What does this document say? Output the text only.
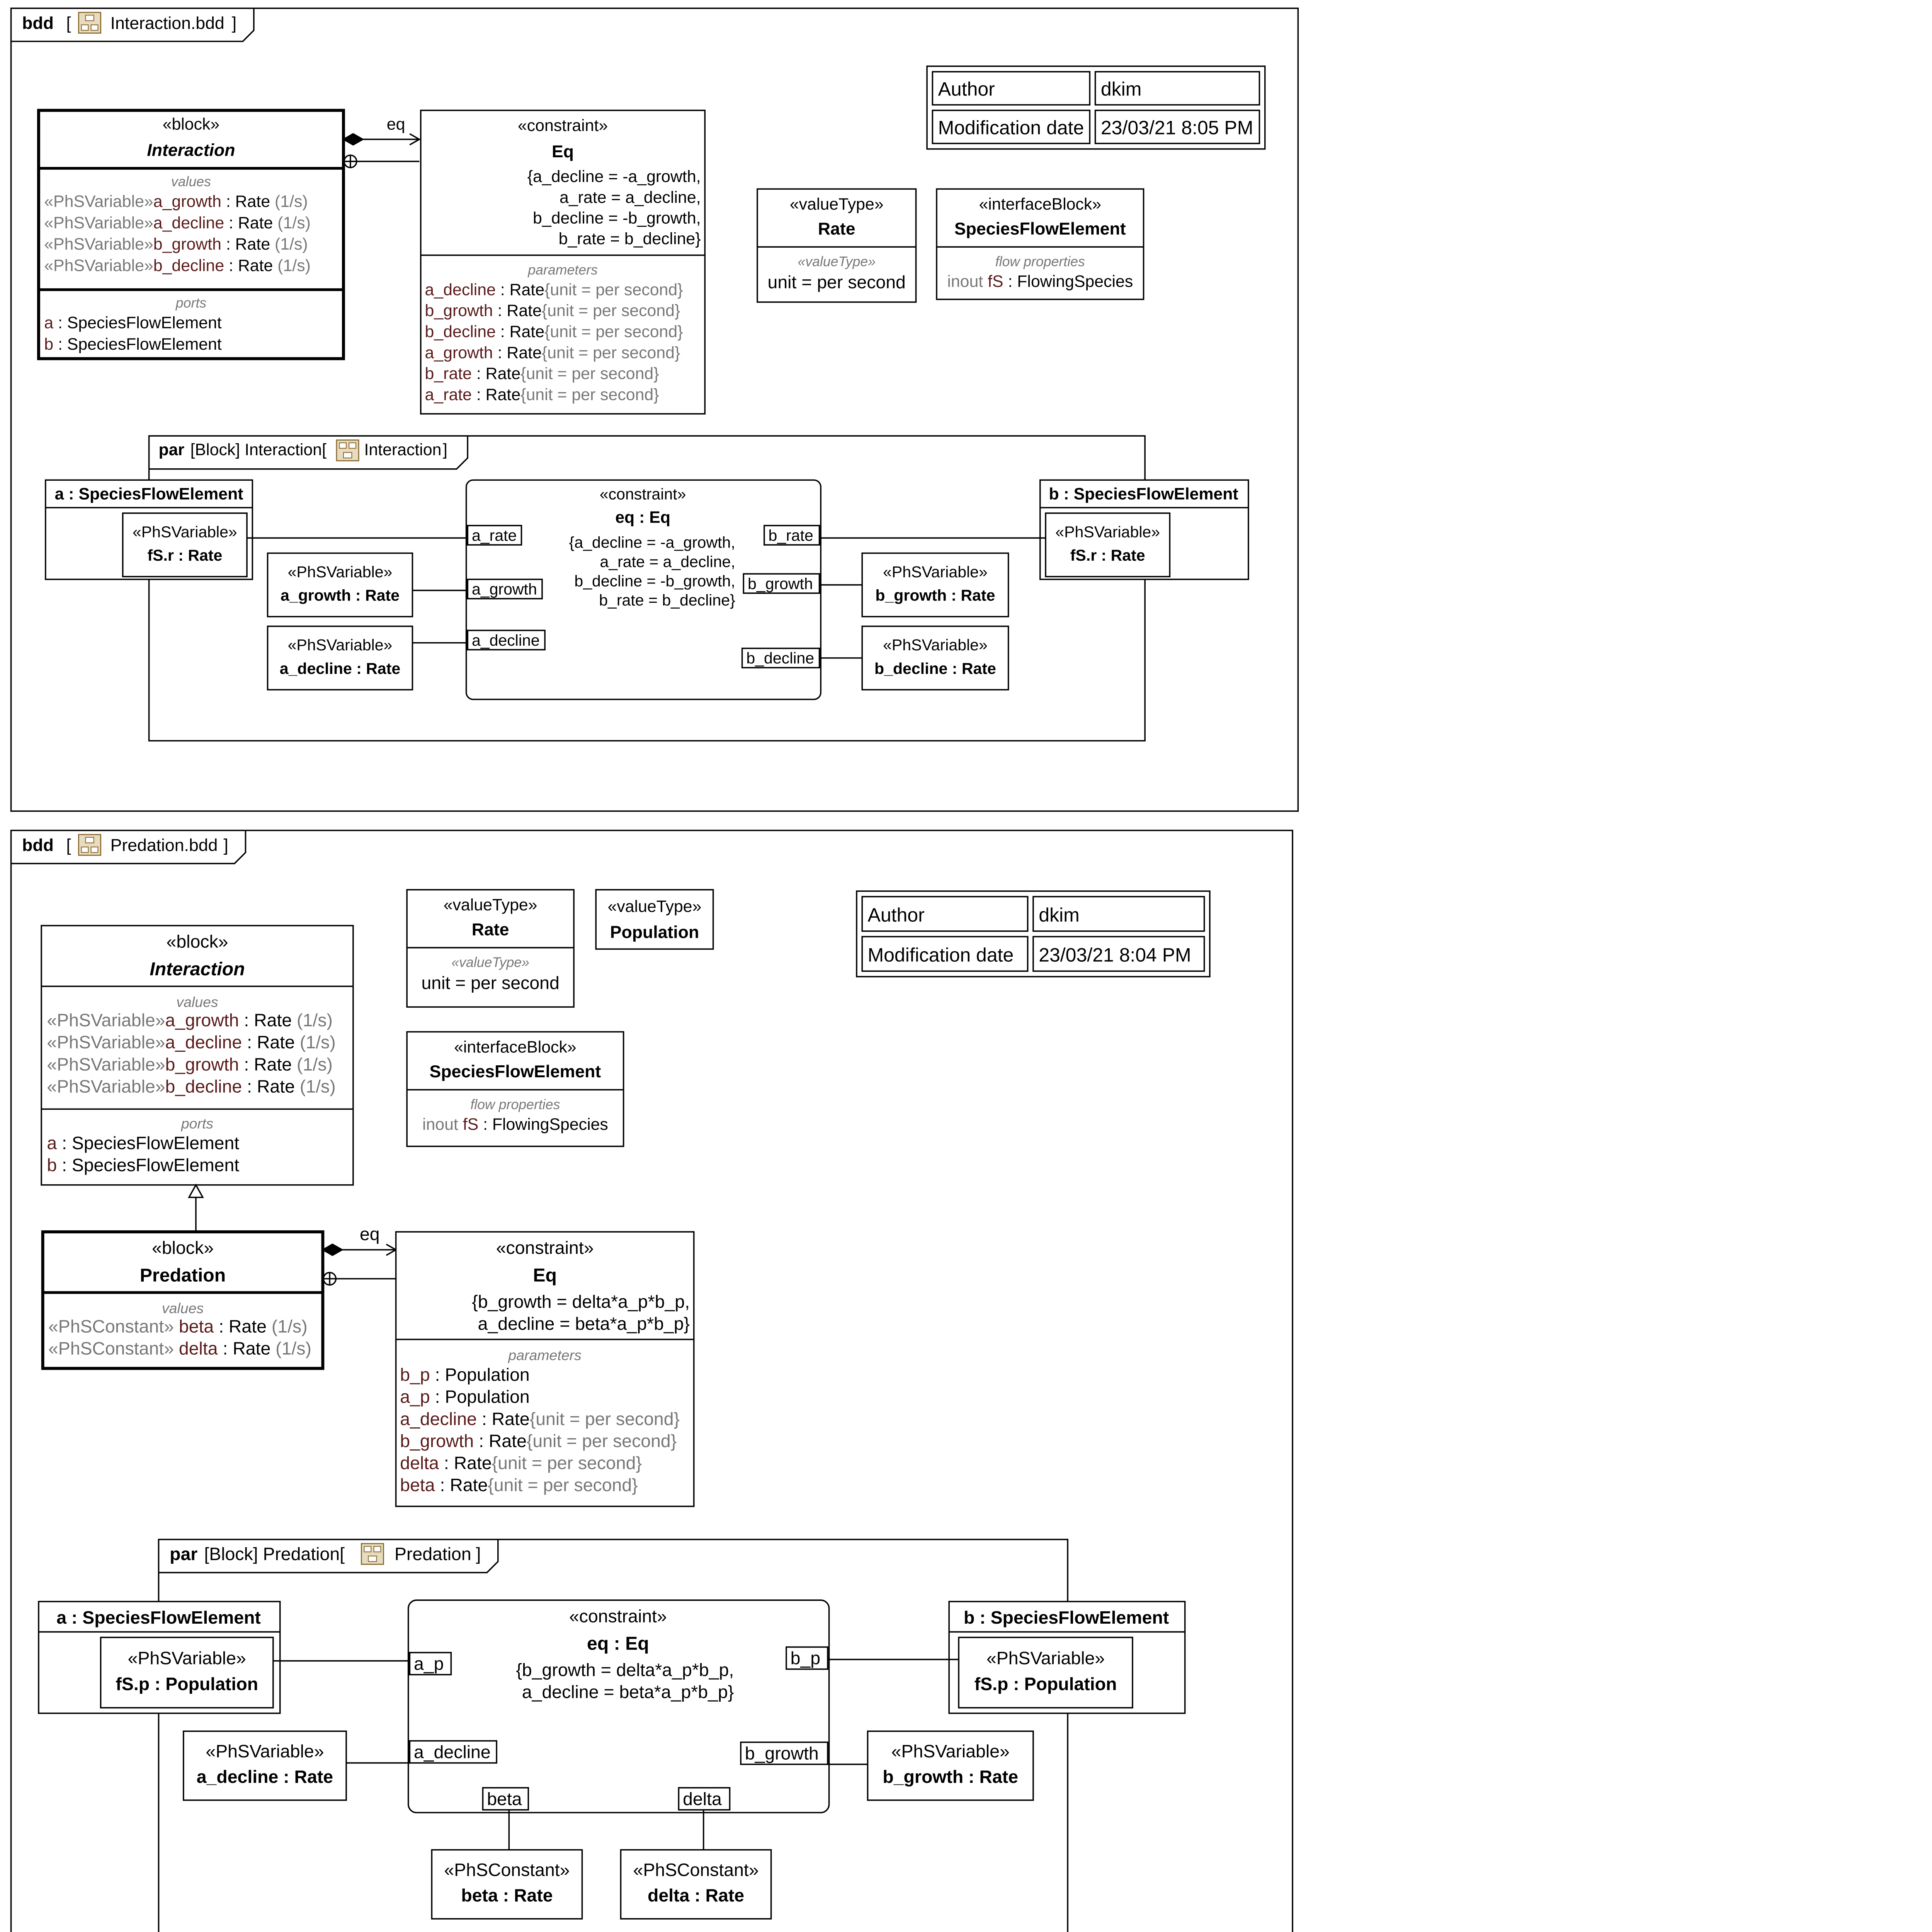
bdd	[	Interaction.bdd ]
Author	dkim
Modification date	23/03/21 8:05 PM
«block»
Interaction
values
«PhSVariable»a_growth : Rate (1/s)
«PhSVariable»a_decline : Rate (1/s)
«PhSVariable»b_growth : Rate (1/s)
«PhSVariable»b_decline : Rate (1/s)
ports
a : SpeciesFlowElement
b : SpeciesFlowElement
eq	«constraint»
Eq
{a_decline = -a_growth,
a_rate = a_decline,
b_decline = -b_growth,
b_rate = b_decline}
parameters
a_decline : Rate{unit = per second}
b_growth : Rate{unit = per second}
b_decline : Rate{unit = per second}
a_growth : Rate{unit = per second}
b_rate : Rate{unit = per second}
a_rate : Rate{unit = per second}
«valueType»
Rate
«valueType»
unit = per second
«interfaceBlock»
SpeciesFlowElement
flow properties
inout fS : FlowingSpecies
par [Block] Interaction[	Interaction ]
a : SpeciesFlowElement
«PhSVariable»
fS.r : Rate
b : SpeciesFlowElement
«PhSVariable»
fS.r : Rate
«PhSVariable»
a_growth : Rate
«PhSVariable»
a_decline : Rate
«PhSVariable»
b_growth : Rate
«PhSVariable»
b_decline : Rate
«constraint»
eq : Eq
{a_decline = -a_growth,
a_rate = a_decline,
b_decline = -b_growth,
b_rate = b_decline}
a_rate
a_growth
a_decline
b_rate
b_growth
b_decline
bdd	[	Predation.bdd ]
Author	dkim
Modification date	23/03/21 8:04 PM
«valueType»
Rate
«valueType»
unit = per second
«valueType»
Population
«interfaceBlock»
SpeciesFlowElement
flow properties
inout fS : FlowingSpecies
«block»
Interaction
values
«PhSVariable»a_growth : Rate (1/s)
«PhSVariable»a_decline : Rate (1/s)
«PhSVariable»b_growth : Rate (1/s)
«PhSVariable»b_decline : Rate (1/s)
ports
a : SpeciesFlowElement
b : SpeciesFlowElement
«block»
Predation
values
«PhSConstant» beta : Rate (1/s)
«PhSConstant» delta : Rate (1/s)
eq
«constraint»
Eq
{b_growth = delta*a_p*b_p,
a_decline = beta*a_p*b_p}
parameters
b_p : Population
a_p : Population
a_decline : Rate{unit = per second}
b_growth : Rate{unit = per second}
delta : Rate{unit = per second}
beta : Rate{unit = per second}
par [Block] Predation[	Predation ]
a : SpeciesFlowElement
«PhSVariable»
fS.p : Population
b : SpeciesFlowElement
«PhSVariable»
fS.p : Population
«PhSVariable»
a_decline : Rate
«PhSVariable»
b_growth : Rate
«PhSConstant»
beta : Rate
«PhSConstant»
delta : Rate
«constraint»
eq : Eq
{b_growth = delta*a_p*b_p,
a_decline = beta*a_p*b_p}
a_p
a_decline
b_p
b_growth
beta	delta
